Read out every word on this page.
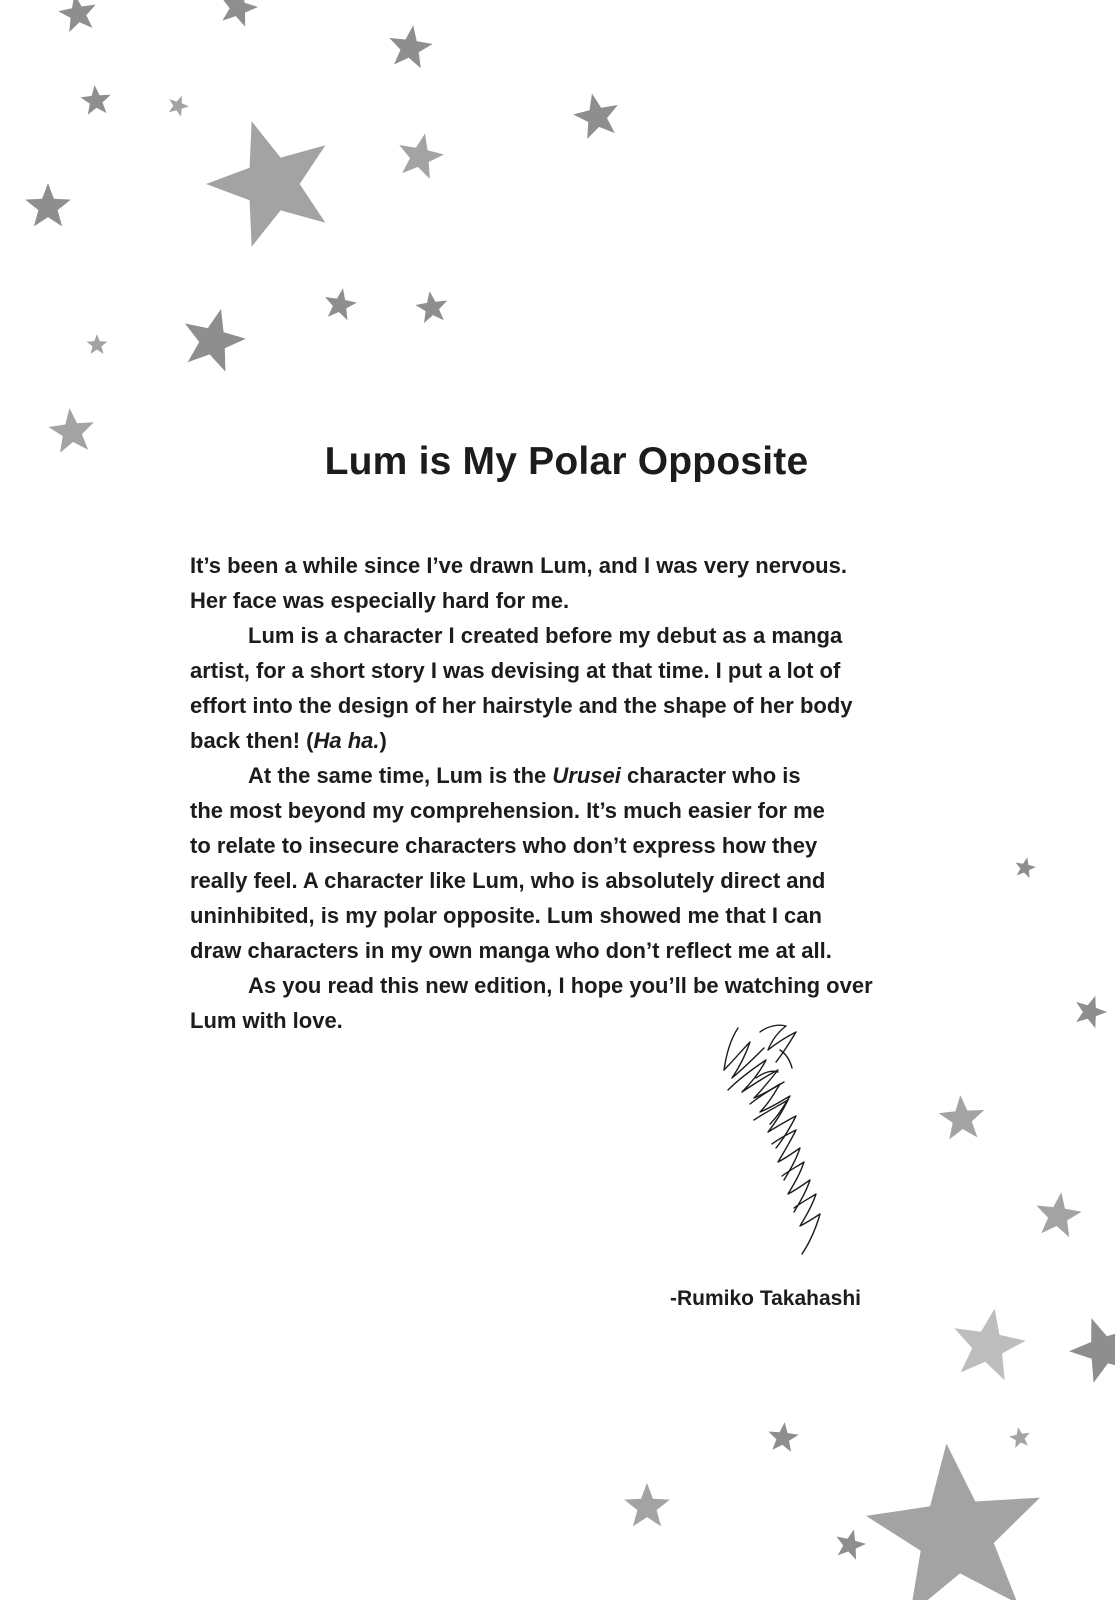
Lum is My Polar Opposite
It’s been a while since I’ve drawn Lum, and I was very nervous.
Her face was especially hard for me.
Lum is a character I created before my debut as a manga
artist, for a short story I was devising at that time. I put a lot of
effort into the design of her hairstyle and the shape of her body
back then! (Ha ha.)
At the same time, Lum is the Urusei character who is
the most beyond my comprehension. It’s much easier for me
to relate to insecure characters who don’t express how they
really feel. A character like Lum, who is absolutely direct and
uninhibited, is my polar opposite. Lum showed me that I can
draw characters in my own manga who don’t reflect me at all.
As you read this new edition, I hope you’ll be watching over
Lum with love.
-Rumiko Takahashi
